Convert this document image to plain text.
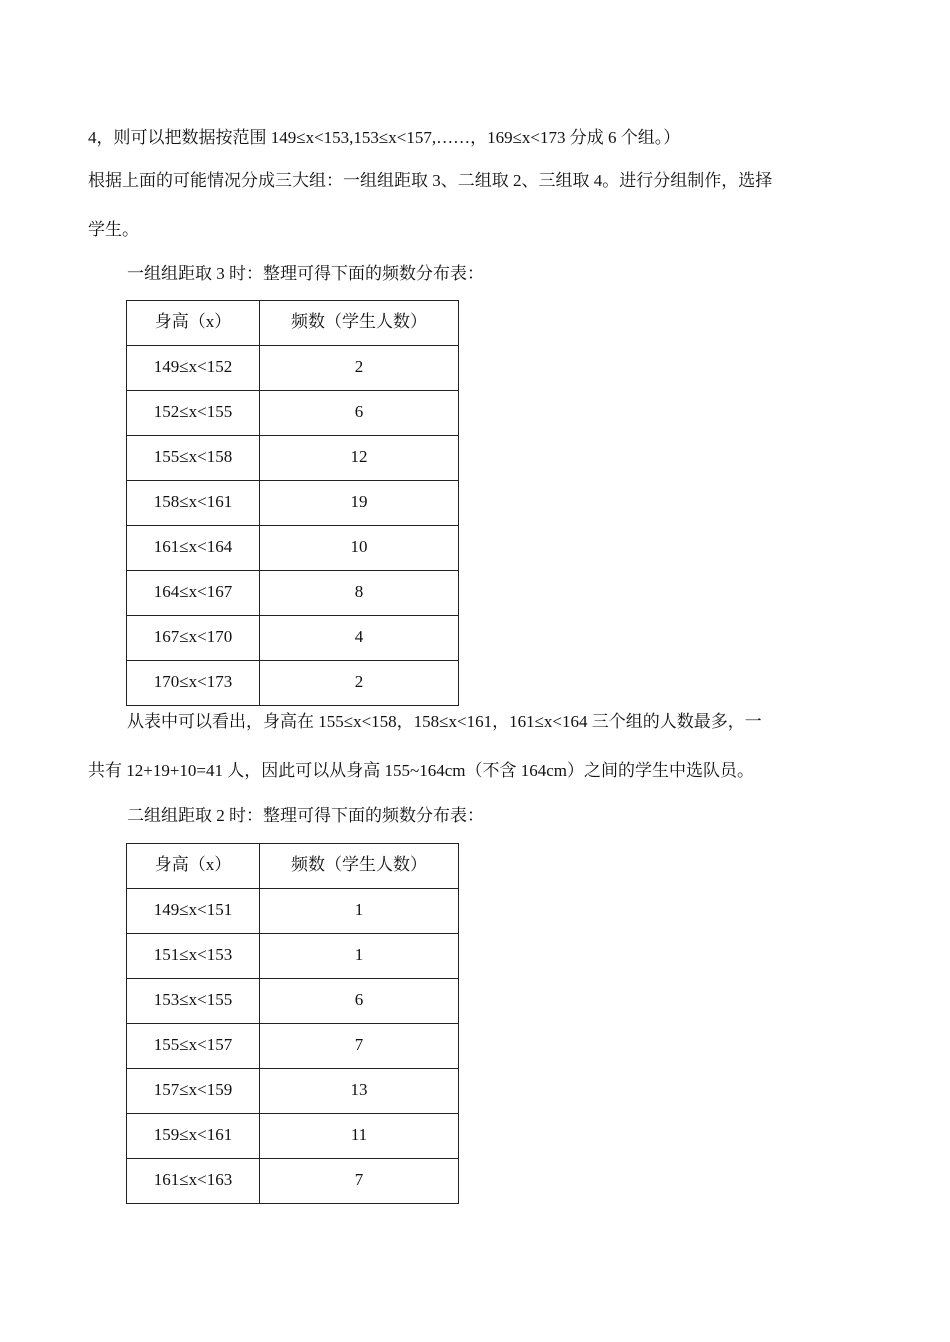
4，则可以把数据按范围 149≤x<153,153≤x<157,……，169≤x<173 分成 6 个组。）
根据上面的可能情况分成三大组：一组组距取 3、二组取 2、三组取 4。进行分组制作，选择
学生。
一组组距取 3 时：整理可得下面的频数分布表：
身高（x）	频数（学生人数）

149≤x<152	2

152≤x<155	6

155≤x<158	12

158≤x<161	19

161≤x<164	10

164≤x<167	8

167≤x<170	4

170≤x<173	2
从表中可以看出，身高在 155≤x<158，158≤x<161，161≤x<164 三个组的人数最多，一
共有 12+19+10=41 人，因此可以从身高 155~164cm（不含 164cm）之间的学生中选队员。
二组组距取 2 时：整理可得下面的频数分布表：
身高（x）	频数（学生人数）

149≤x<151	1

151≤x<153	1

153≤x<155	6

155≤x<157	7

157≤x<159	13

159≤x<161	11

161≤x<163	7
